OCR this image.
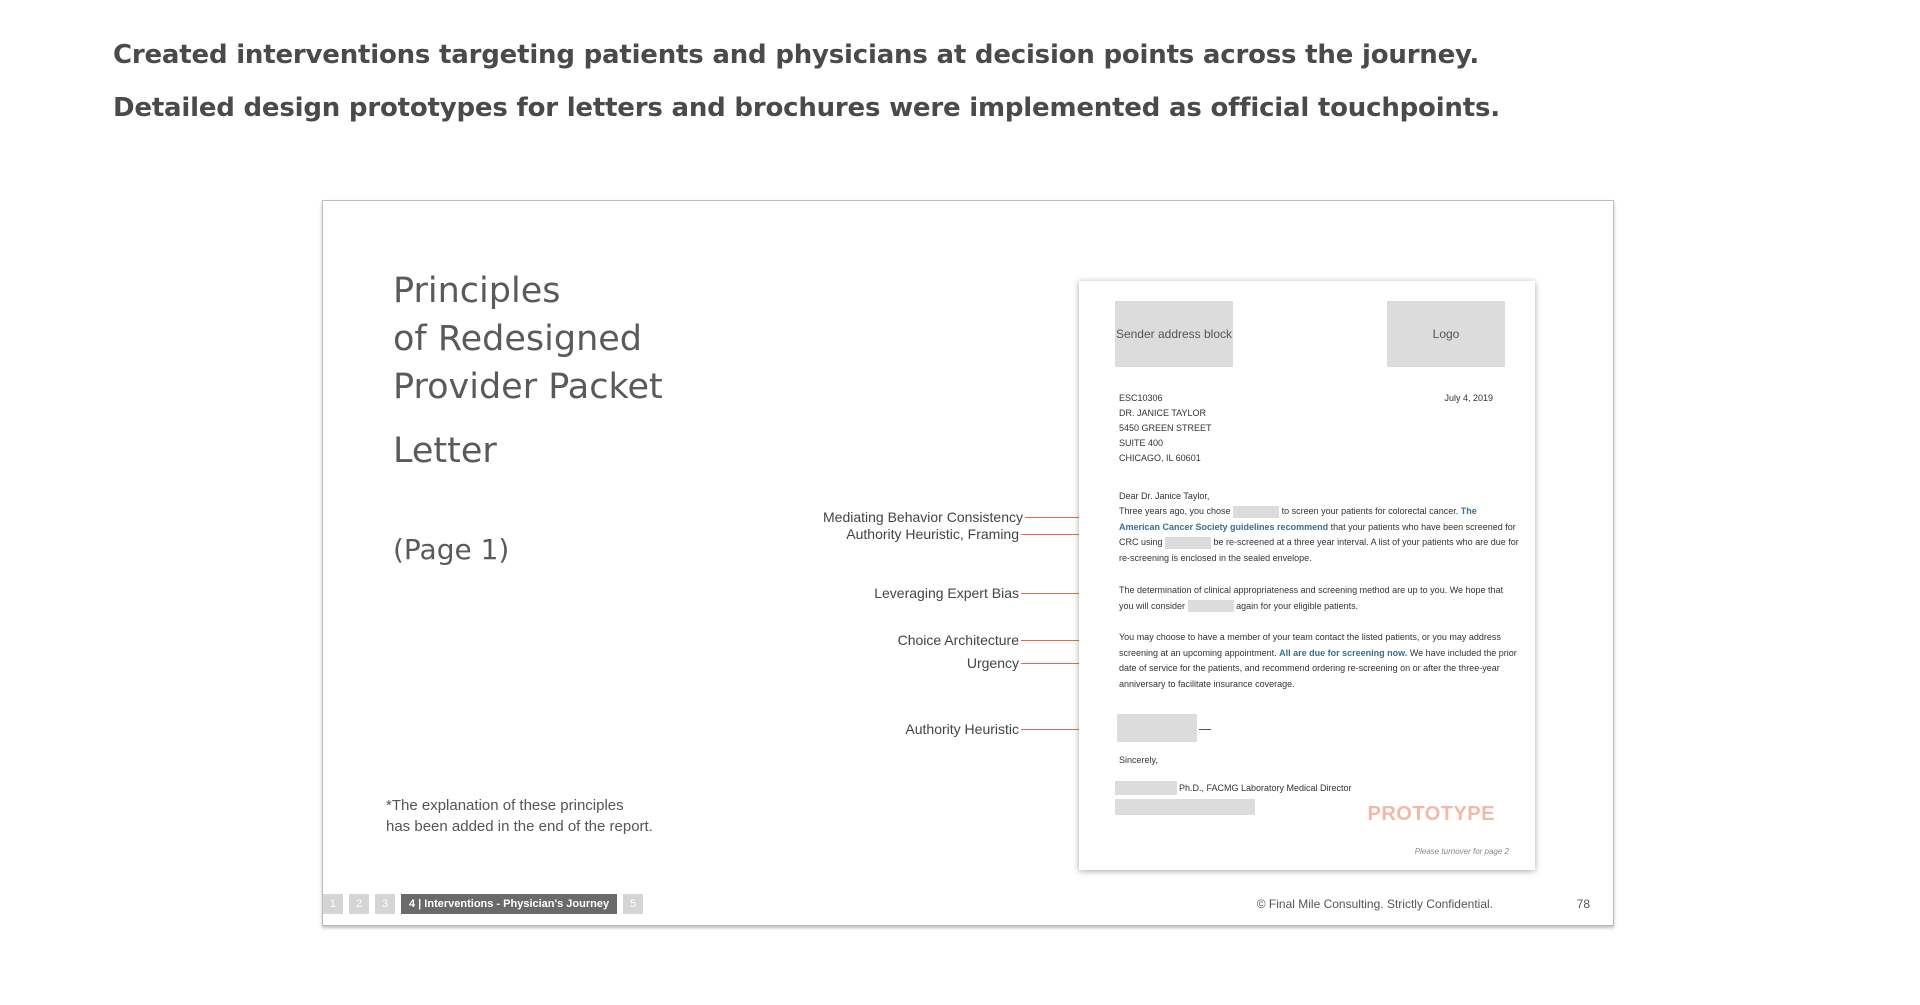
Created interventions targeting patients and physicians at decision points across the journey.
Detailed design prototypes for letters and brochures were implemented as official touchpoints.
Principles
of Redesigned
Provider Packet
Letter
(Page 1)
*The explanation of these principles
has been added in the end of the report.
Mediating Behavior Consistency
Authority Heuristic, Framing
Leveraging Expert Bias
Choice Architecture
Urgency
Authority Heuristic
Sender address block	Logo
ESC10306	July 4, 2019
DR. JANICE TAYLOR
5450 GREEN STREET
SUITE 400
CHICAGO, IL 60601
Dear Dr. Janice Taylor,
Three years ago, you chose	to screen your patients for colorectal cancer. The American Cancer Society guidelines recommend that your patients who have been screened for CRC using	be re-screened at a three year interval. A list of your patients who are due for re-screening is enclosed in the sealed envelope.
The determination of clinical appropriateness and screening method are up to you. We hope that you will consider	again for your eligible patients.
You may choose to have a member of your team contact the listed patients, or you may address screening at an upcoming appointment. All are due for screening now. We have included the prior date of service for the patients, and recommend ordering re-screening on or after the three-year anniversary to facilitate insurance coverage.
Sincerely,
Ph.D., FACMG Laboratory Medical Director
PROTOTYPE
Please turnover for page 2
1	2	3	4 | Interventions - Physician's Journey	5	© Final Mile Consulting. Strictly Confidential.	78
